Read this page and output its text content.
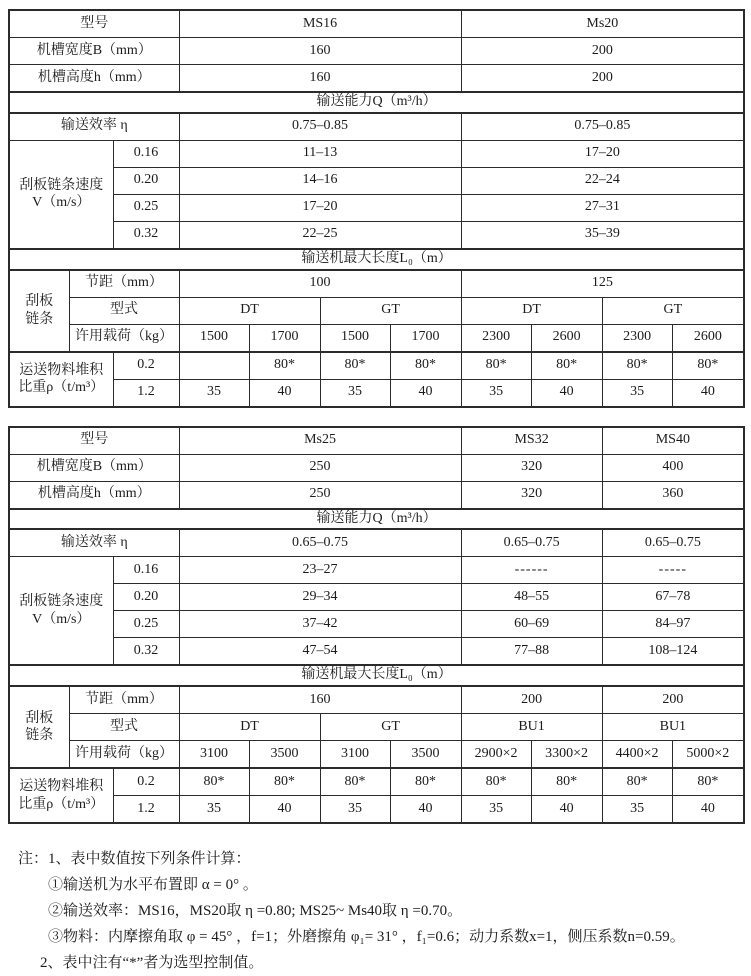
型号			MS16				Ms20			
机槽宽度B（mm）			160				200			
机槽高度h（mm）			160				200			
输送能力Q（m³/h）										
输送效率 η			0.75–0.85				0.75–0.85			

刮板链条速度
V（m/s）		0.16	11–13				17–20			
		0.20	14–16				22–24			
		0.25	17–20				27–31			
		0.32	22–25				35–39			
输送机最大长度L₀（m）										

刮板
链条	节距（mm）		100				125			
	型式		DT		GT		DT		GT	
	许用载荷（kg）		1500	1700	1500	1700	2300	2600	2300	2600

运送物料堆积
比重ρ（t/m³）		0.2		80*	80*	80*	80*	80*	80*	80*
		1.2	35	40	35	40	35	40	35	40
型号			Ms25				MS32		MS40	
机槽宽度B（mm）			250				320		400	
机槽高度h（mm）			250				320		360	
输送能力Q（m³/h）										
输送效率 η			0.65–0.75				0.65–0.75		0.65–0.75	

刮板链条速度
V（m/s）		0.16	23–27				------		-----	
		0.20	29–34				48–55		67–78	
		0.25	37–42				60–69		84–97	
		0.32	47–54				77–88		108–124	
输送机最大长度L₀（m）										

刮板
链条	节距（mm）		160				200		200	
	型式		DT		GT		BU1		BU1	
	许用载荷（kg）		3100	3500	3100	3500	2900×2	3300×2	4400×2	5000×2

运送物料堆积
比重ρ（t/m³）		0.2	80*	80*	80*	80*	80*	80*	80*	80*
		1.2	35	40	35	40	35	40	35	40
注：1、表中数值按下列条件计算：
①输送机为水平布置即 α = 0° 。
②输送效率：MS16，MS20取 η =0.80; MS25~ Ms40取 η =0.70。
③物料：内摩擦角取 φ = 45° ，f=1；外磨擦角 φ₁= 31° ，f₁=0.6；动力系数x=1，侧压系数n=0.59。
2、表中注有“*”者为选型控制值。
